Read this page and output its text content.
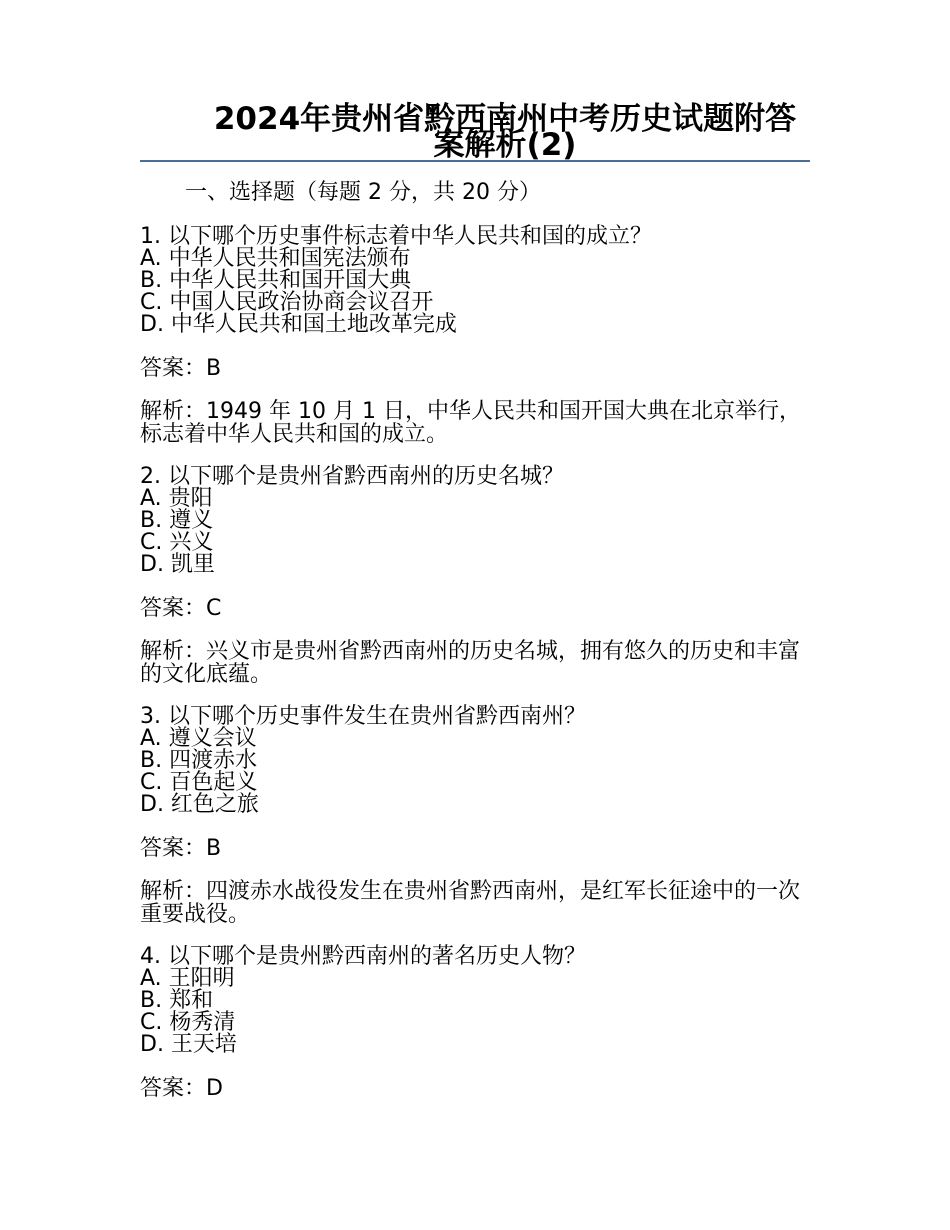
2024年贵州省黔西南州中考历史试题附答案解析(2)

一、选择题（每题 2 分，共 20 分）

1. 以下哪个历史事件标志着中华人民共和国的成立？

A. 中华人民共和国宪法颁布

B. 中华人民共和国开国大典

C. 中国人民政治协商会议召开

D. 中华人民共和国土地改革完成

答案：B

解析：1949 年 10 月 1 日，中华人民共和国开国大典在北京举行，标志着中华人民共和国的成立。

2. 以下哪个是贵州省黔西南州的历史名城？

A. 贵阳

B. 遵义

C. 兴义

D. 凯里

答案：C

解析：兴义市是贵州省黔西南州的历史名城，拥有悠久的历史和丰富的文化底蕴。

3. 以下哪个历史事件发生在贵州省黔西南州？

A. 遵义会议

B. 四渡赤水

C. 百色起义

D. 红色之旅

答案：B

解析：四渡赤水战役发生在贵州省黔西南州，是红军长征途中的一次重要战役。

4. 以下哪个是贵州黔西南州的著名历史人物？

A. 王阳明

B. 郑和

C. 杨秀清

D. 王天培

答案：D
